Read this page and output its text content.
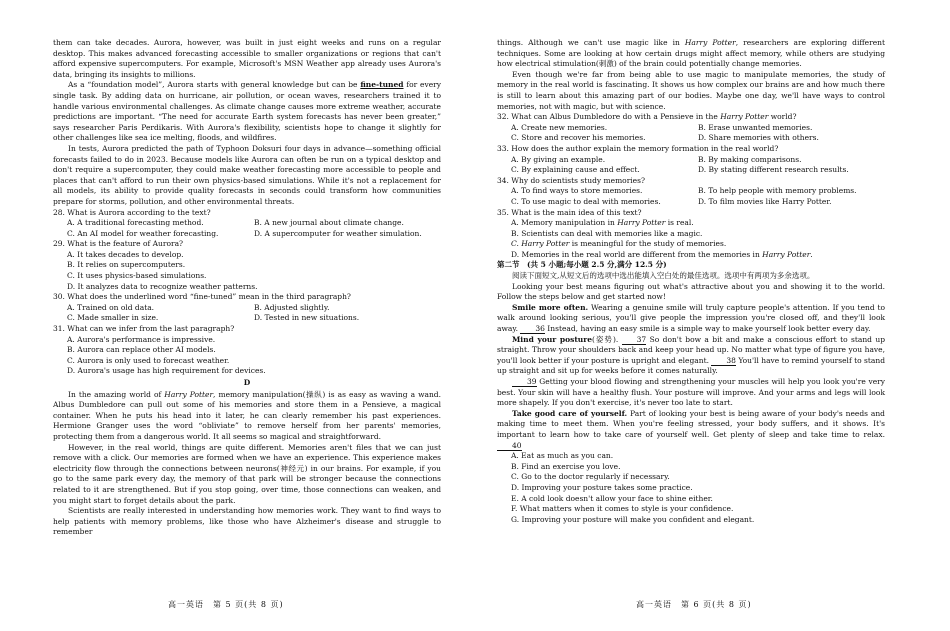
them can take decades. Aurora, however, was built in just eight weeks and runs on a regular desktop. This makes advanced forecasting accessible to smaller organizations or regions that can't afford expensive supercomputers. For example, Microsoft's MSN Weather app already uses Aurora's data, bringing its insights to millions.

As a “foundation model”, Aurora starts with general knowledge but can be fine-tuned for every single task. By adding data on hurricane, air pollution, or ocean waves, researchers trained it to handle various environmental challenges. As climate change causes more extreme weather, accurate predictions are important. “The need for accurate Earth system forecasts has never been greater,” says researcher Paris Perdikaris. With Aurora's flexibility, scientists hope to change it slightly for other challenges like sea ice melting, floods, and wildfires.

In tests, Aurora predicted the path of Typhoon Doksuri four days in advance—something official forecasts failed to do in 2023. Because models like Aurora can often be run on a typical desktop and don't require a supercomputer, they could make weather forecasting more accessible to people and places that can't afford to run their own physics-based simulations. While it's not a replacement for all models, its ability to provide quality forecasts in seconds could transform how communities prepare for storms, pollution, and other environmental threats.

28. What is Aurora according to the text?
A. A traditional forecasting method.	B. A new journal about climate change.
C. An AI model for weather forecasting.	D. A supercomputer for weather simulation.
29. What is the feature of Aurora?
A. It takes decades to develop.
B. It relies on supercomputers.
C. It uses physics-based simulations.
D. It analyzes data to recognize weather patterns.
30. What does the underlined word “fine-tuned” mean in the third paragraph?
A. Trained on old data.	B. Adjusted slightly.
C. Made smaller in size.	D. Tested in new situations.
31. What can we infer from the last paragraph?
A. Aurora's performance is impressive.
B. Aurora can replace other AI models.
C. Aurora is only used to forecast weather.
D. Aurora's usage has high requirement for devices.
D

In the amazing world of Harry Potter, memory manipulation(操纵) is as easy as waving a wand. Albus Dumbledore can pull out some of his memories and store them in a Pensieve, a magical container. When he puts his head into it later, he can clearly remember his past experiences. Hermione Granger uses the word “obliviate” to remove herself from her parents' memories, protecting them from a dangerous world. It all seems so magical and straightforward.

However, in the real world, things are quite different. Memories aren't files that we can just remove with a click. Our memories are formed when we have an experience. This experience makes electricity flow through the connections between neurons(神经元) in our brains. For example, if you go to the same park every day, the memory of that park will be stronger because the connections related to it are strengthened. But if you stop going, over time, those connections can weaken, and you might start to forget details about the park.

Scientists are really interested in understanding how memories work. They want to find ways to help patients with memory problems, like those who have Alzheimer's disease and struggle to remember

高一英语　第 5 页(共 8 页)

things. Although we can't use magic like in Harry Potter, researchers are exploring different techniques. Some are looking at how certain drugs might affect memory, while others are studying how electrical stimulation(刺激) of the brain could potentially change memories.

Even though we're far from being able to use magic to manipulate memories, the study of memory in the real world is fascinating. It shows us how complex our brains are and how much there is still to learn about this amazing part of our bodies. Maybe one day, we'll have ways to control memories, not with magic, but with science.

32. What can Albus Dumbledore do with a Pensieve in the Harry Potter world?
A. Create new memories.	B. Erase unwanted memories.
C. Store and recover his memories.	D. Share memories with others.
33. How does the author explain the memory formation in the real world?
A. By giving an example.	B. By making comparisons.
C. By explaining cause and effect.	D. By stating different research results.
34. Why do scientists study memories?
A. To find ways to store memories.	B. To help people with memory problems.
C. To use magic to deal with memories.	D. To film movies like Harry Potter.
35. What is the main idea of this text?
A. Memory manipulation in Harry Potter is real.
B. Scientists can deal with memories like a magic.
C. Harry Potter is meaningful for the study of memories.
D. Memories in the real world are different from the memories in Harry Potter.
第二节　(共 5 小题;每小题 2.5 分,满分 12.5 分)

阅读下面短文,从短文后的选项中选出能填入空白处的最佳选项。选项中有两项为多余选项。

Looking your best means figuring out what's attractive about you and showing it to the world. Follow the steps below and get started now!

Smile more often. Wearing a genuine smile will truly capture people's attention. If you tend to walk around looking serious, you'll give people the impression you're closed off, and they'll look away. 36 Instead, having an easy smile is a simple way to make yourself look better every day.

Mind your posture(姿势). 37 So don't bow a bit and make a conscious effort to stand up straight. Throw your shoulders back and keep your head up. No matter what type of figure you have, you'll look better if your posture is upright and elegant. 38 You'll have to remind yourself to stand up straight and sit up for weeks before it comes naturally.

39 Getting your blood flowing and strengthening your muscles will help you look you're very best. Your skin will have a healthy flush. Your posture will improve. And your arms and legs will look more shapely. If you don't exercise, it's never too late to start.

Take good care of yourself. Part of looking your best is being aware of your body's needs and making time to meet them. When you're feeling stressed, your body suffers, and it shows. It's important to learn how to take care of yourself well. Get plenty of sleep and take time to relax. 40

A. Eat as much as you can.
B. Find an exercise you love.
C. Go to the doctor regularly if necessary.
D. Improving your posture takes some practice.
E. A cold look doesn't allow your face to shine either.
F. What matters when it comes to style is your confidence.
G. Improving your posture will make you confident and elegant.
高一英语　第 6 页(共 8 页)
